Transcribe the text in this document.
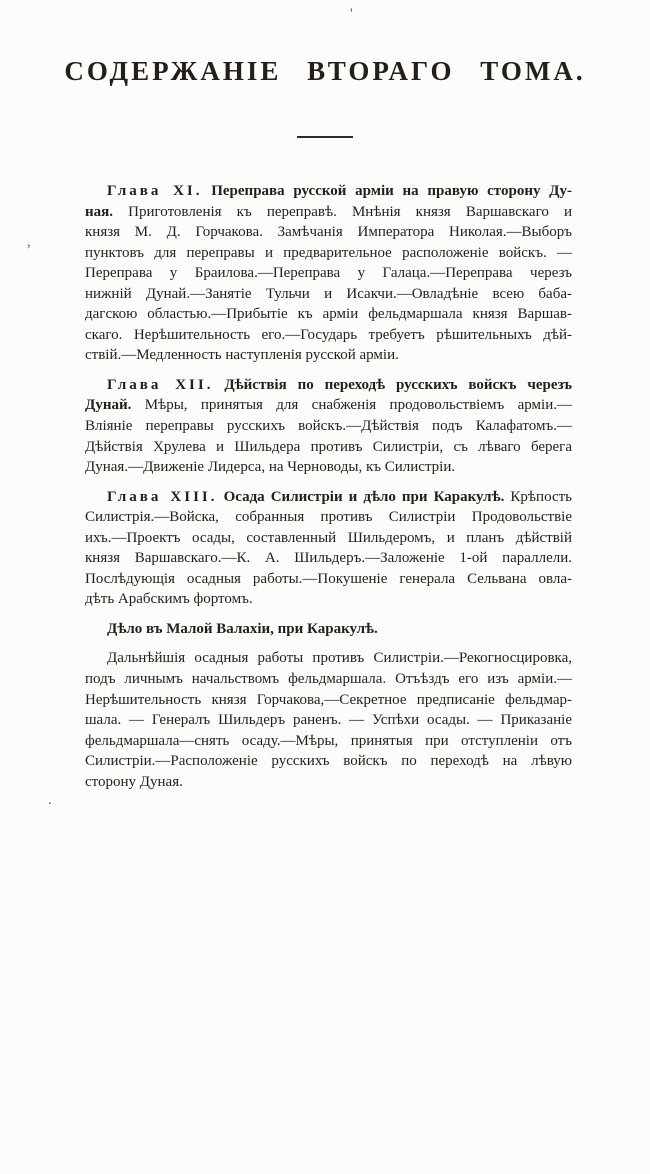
'
,
.
СОДЕРЖАНІЕ ВТОРАГО ТОМА.
Глава XI. Переправа русской арміи на правую сторону Ду-
ная. Приготовленія къ переправѣ. Мнѣнія князя Варшавскаго и
князя М. Д. Горчакова. Замѣчанія Императора Николая.—Выборъ
пунктовъ для переправы и предварительное расположеніе войскъ. —
Переправа у Браилова.—Переправа у Галаца.—Переправа черезъ
нижній Дунай.—Занятіе Тульчи и Исакчи.—Овладѣніе всею баба-
дагскою областью.—Прибытіе къ арміи фельдмаршала князя Варшав-
скаго. Нерѣшительность его.—Государь требуетъ рѣшительныхъ дѣй-
ствій.—Медленность наступленія русской арміи.
Глава XII. Дѣйствія по переходѣ русскихъ войскъ черезъ
Дунай. Мѣры, принятыя для снабженія продовольствіемъ арміи.—
Вліяніе переправы русскихъ войскъ.—Дѣйствія подъ Калафатомъ.—
Дѣйствія Хрулева и Шильдера противъ Силистріи, съ лѣваго берега
Дуная.—Движеніе Лидерса, на Черноводы, къ Силистріи.
Глава XIII. Осада Силистріи и дѣло при Каракулѣ. Крѣпость
Силистрія.—Войска, собранныя противъ Силистріи Продовольствіе
ихъ.—Проектъ осады, составленный Шильдеромъ, и планъ дѣйствій
князя Варшавскаго.—К. А. Шильдеръ.—Заложеніе 1-ой параллели.
Послѣдующія осадныя работы.—Покушеніе генерала Сельвана овла-
дѣть Арабскимъ фортомъ.
Дѣло въ Малой Валахіи, при Каракулѣ.
Дальнѣйшія осадныя работы противъ Силистріи.—Рекогносцировка,
подъ личнымъ начальствомъ фельдмаршала. Отъѣздъ его изъ арміи.—
Нерѣшительность князя Горчакова,—Секретное предписаніе фельдмар-
шала. — Генералъ Шильдеръ раненъ. — Успѣхи осады. — Приказаніе
фельдмаршала—снять осаду.—Мѣры, принятыя при отступленіи отъ
Силистріи.—Расположеніе русскихъ войскъ по переходѣ на лѣвую
сторону Дуная.
